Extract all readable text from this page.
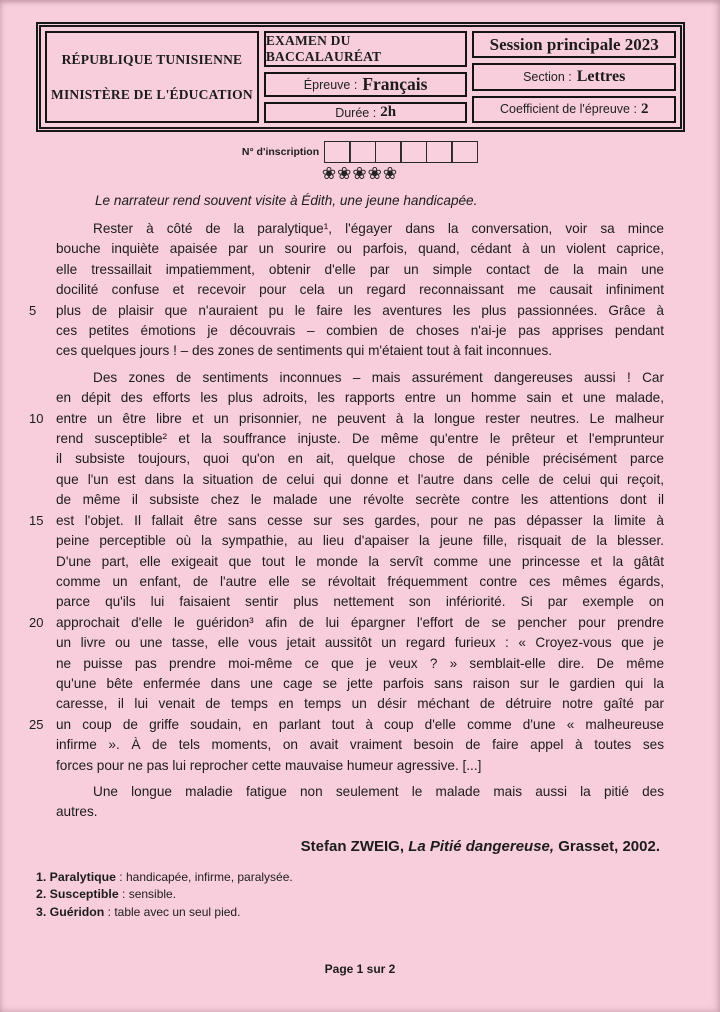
RÉPUBLIQUE TUNISIENNE
MINISTÈRE DE L'ÉDUCATION
EXAMEN DU BACCALAURÉAT
Épreuve : Français
Durée : 2h
Session principale 2023
Section : Lettres
Coefficient de l'épreuve : 2
N° d'inscription
❀❀❀❀❀
Le narrateur rend souvent visite à Édith, une jeune handicapée.
Rester à côté de la paralytique¹, l'égayer dans la conversation, voir sa mince
bouche inquiète apaisée par un sourire ou parfois, quand, cédant à un violent caprice,
elle tressaillait impatiemment, obtenir d'elle par un simple contact de la main une
docilité confuse et recevoir pour cela un regard reconnaissant me causait infiniment
5	plus de plaisir que n'auraient pu le faire les aventures les plus passionnées. Grâce à
ces petites émotions je découvrais – combien de choses n'ai-je pas apprises pendant
ces quelques jours ! – des zones de sentiments qui m'étaient tout à fait inconnues.
Des zones de sentiments inconnues – mais assurément dangereuses aussi ! Car
en dépit des efforts les plus adroits, les rapports entre un homme sain et une malade,
10 entre un être libre et un prisonnier, ne peuvent à la longue rester neutres. Le malheur
rend susceptible² et la souffrance injuste. De même qu'entre le prêteur et l'emprunteur
il subsiste toujours, quoi qu'on en ait, quelque chose de pénible précisément parce
que l'un est dans la situation de celui qui donne et l'autre dans celle de celui qui reçoit,
de même il subsiste chez le malade une révolte secrète contre les attentions dont il
15 est l'objet. Il fallait être sans cesse sur ses gardes, pour ne pas dépasser la limite à
peine perceptible où la sympathie, au lieu d'apaiser la jeune fille, risquait de la blesser.
D'une part, elle exigeait que tout le monde la servît comme une princesse et la gâtât
comme un enfant, de l'autre elle se révoltait fréquemment contre ces mêmes égards,
parce qu'ils lui faisaient sentir plus nettement son infériorité. Si par exemple on
20 approchait d'elle le guéridon³ afin de lui épargner l'effort de se pencher pour prendre
un livre ou une tasse, elle vous jetait aussitôt un regard furieux : « Croyez-vous que je
ne puisse pas prendre moi-même ce que je veux ? » semblait-elle dire. De même
qu'une bête enfermée dans une cage se jette parfois sans raison sur le gardien qui la
caresse, il lui venait de temps en temps un désir méchant de détruire notre gaîté par
25 un coup de griffe soudain, en parlant tout à coup d'elle comme d'une « malheureuse
infirme ». À de tels moments, on avait vraiment besoin de faire appel à toutes ses
forces pour ne pas lui reprocher cette mauvaise humeur agressive. [...]
Une longue maladie fatigue non seulement le malade mais aussi la pitié des
autres.
Stefan ZWEIG, La Pitié dangereuse, Grasset, 2002.
1. Paralytique : handicapée, infirme, paralysée.
2. Susceptible : sensible.
3. Guéridon : table avec un seul pied.
Page 1 sur 2
